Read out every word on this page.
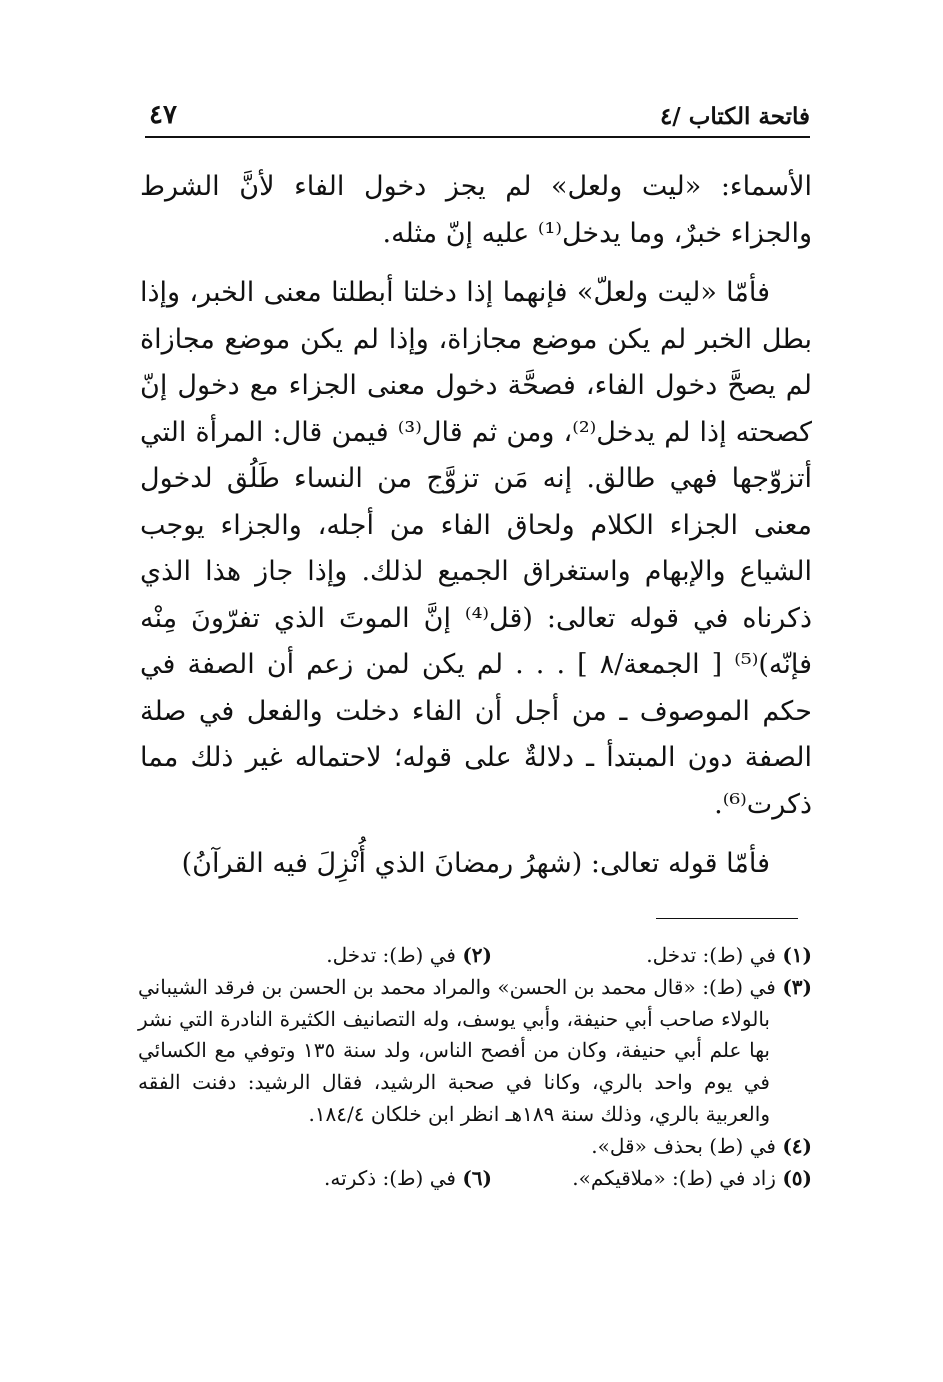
٤٧	فاتحة الكتاب /٤

الأسماء: «ليت ولعل» لم يجز دخول الفاء لأنَّ الشرط والجزاء خبرٌ، وما يدخل⁽¹⁾ عليه إنّ مثله.

فأمّا «ليت ولعلّ» فإنهما إذا دخلتا أبطلتا معنى الخبر، وإذا بطل الخبر لم يكن موضع مجازاة، وإذا لم يكن موضع مجازاة لم يصحَّ دخول الفاء، فصحَّة دخول معنى الجزاء مع دخول إنّ كصحته إذا لم يدخل⁽²⁾، ومن ثم قال⁽³⁾ فيمن قال: المرأة التي أتزوّجها فهي طالق. إنه مَن تزوَّج من النساء طَلُق لدخول معنى الجزاء الكلام ولحاق الفاء من أجله، والجزاء يوجب الشياع والإبهام واستغراق الجميع لذلك. وإذا جاز هذا الذي ذكرناه في قوله تعالى: (قل⁽⁴⁾ إنَّ الموتَ الذي تفرّونَ مِنْه فإنّه)⁽⁵⁾ [ الجمعة/٨ ] . . . لم يكن لمن زعم أن الصفة في حكم الموصوف ـ من أجل أن الفاء دخلت والفعل في صلة الصفة دون المبتدأ ـ دلالةٌ على قوله؛ لاحتماله غير ذلك مما ذكرت⁽⁶⁾.

فأمّا قوله تعالى: (شهرُ رمضانَ الذي أُنْزِلَ فيه القرآنُ)

(١) في (ط): تدخل.
(٢) في (ط): تدخل.

(٣) في (ط): «قال محمد بن الحسن» والمراد محمد بن الحسن بن فرقد الشيباني بالولاء صاحب أبي حنيفة، وأبي يوسف، وله التصانيف الكثيرة النادرة التي نشر بها علم أبي حنيفة، وكان من أفصح الناس، ولد سنة ١٣٥ وتوفي مع الكسائي في يوم واحد بالري، وكانا في صحبة الرشيد، فقال الرشيد: دفنت الفقه والعربية بالري، وذلك سنة ١٨٩هـ انظر ابن خلكان ١٨٤/٤.

(٤) في (ط) بحذف «قل».

(٥) زاد في (ط): «ملاقيكم».
(٦) في (ط): ذكرته.
